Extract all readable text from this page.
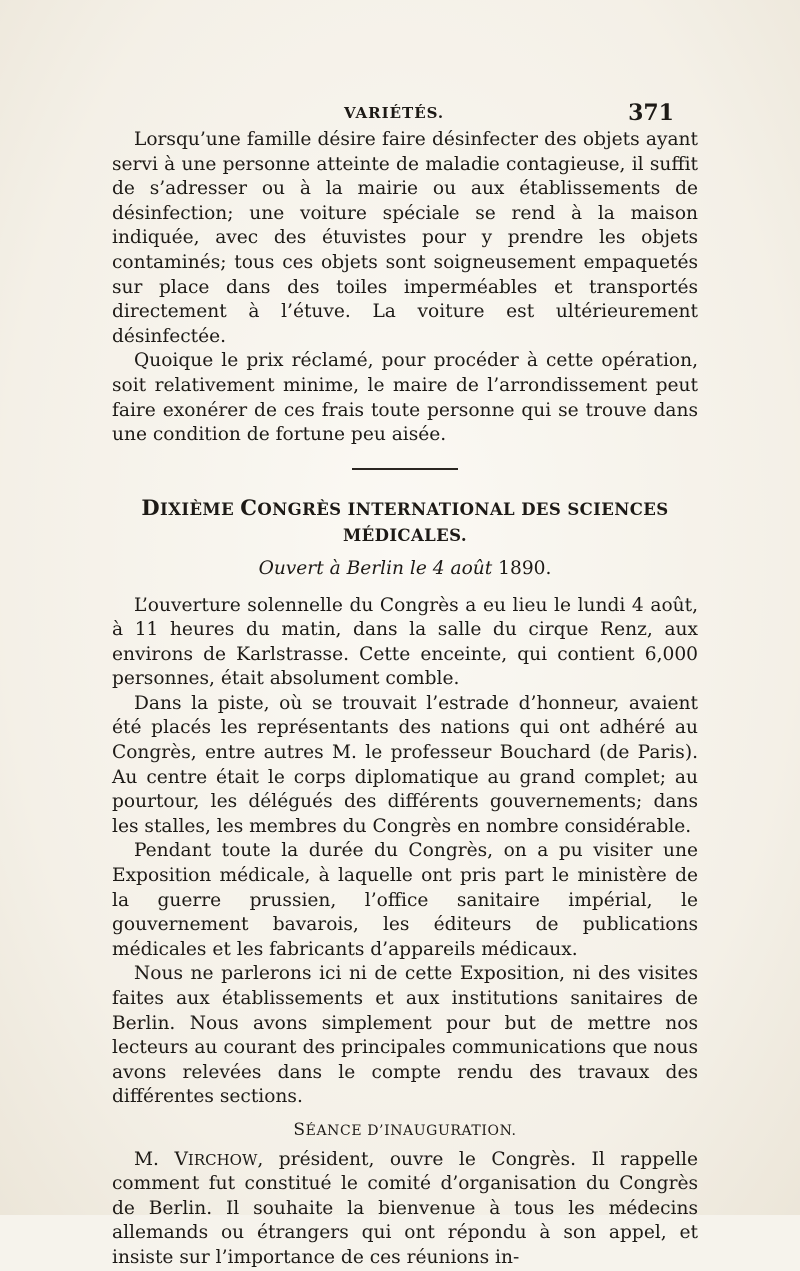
VARIÉTÉS.	371

Lorsqu’une famille désire faire désinfecter des objets ayant servi à une personne atteinte de maladie contagieuse, il suffit de s’adresser ou à la mairie ou aux établissements de désinfection; une voiture spéciale se rend à la maison indiquée, avec des étuvistes pour y prendre les objets contaminés; tous ces objets sont soigneusement empaquetés sur place dans des toiles imperméables et transportés directement à l’étuve. La voiture est ultérieurement désinfectée.

Quoique le prix réclamé, pour procéder à cette opération, soit relativement minime, le maire de l’arrondissement peut faire exonérer de ces frais toute personne qui se trouve dans une condition de fortune peu aisée.

DIXIÈME CONGRÈS INTERNATIONAL DES SCIENCES MÉDICALES.
Ouvert à Berlin le 4 août 1890.

L’ouverture solennelle du Congrès a eu lieu le lundi 4 août, à 11 heures du matin, dans la salle du cirque Renz, aux environs de Karlstrasse. Cette enceinte, qui contient 6,000 personnes, était absolument comble.

Dans la piste, où se trouvait l’estrade d’honneur, avaient été placés les représentants des nations qui ont adhéré au Congrès, entre autres M. le professeur Bouchard (de Paris). Au centre était le corps diplomatique au grand complet; au pourtour, les délégués des différents gouvernements; dans les stalles, les membres du Congrès en nombre considérable.

Pendant toute la durée du Congrès, on a pu visiter une Exposition médicale, à laquelle ont pris part le ministère de la guerre prussien, l’office sanitaire impérial, le gouvernement bavarois, les éditeurs de publications médicales et les fabricants d’appareils médicaux.

Nous ne parlerons ici ni de cette Exposition, ni des visites faites aux établissements et aux institutions sanitaires de Berlin. Nous avons simplement pour but de mettre nos lecteurs au courant des principales communications que nous avons relevées dans le compte rendu des travaux des différentes sections.

SÉANCE D’INAUGURATION.

M. VIRCHOW, président, ouvre le Congrès. Il rappelle comment fut constitué le comité d’organisation du Congrès de Berlin. Il souhaite la bienvenue à tous les médecins allemands ou étrangers qui ont répondu à son appel, et insiste sur l’importance de ces réunions in-
